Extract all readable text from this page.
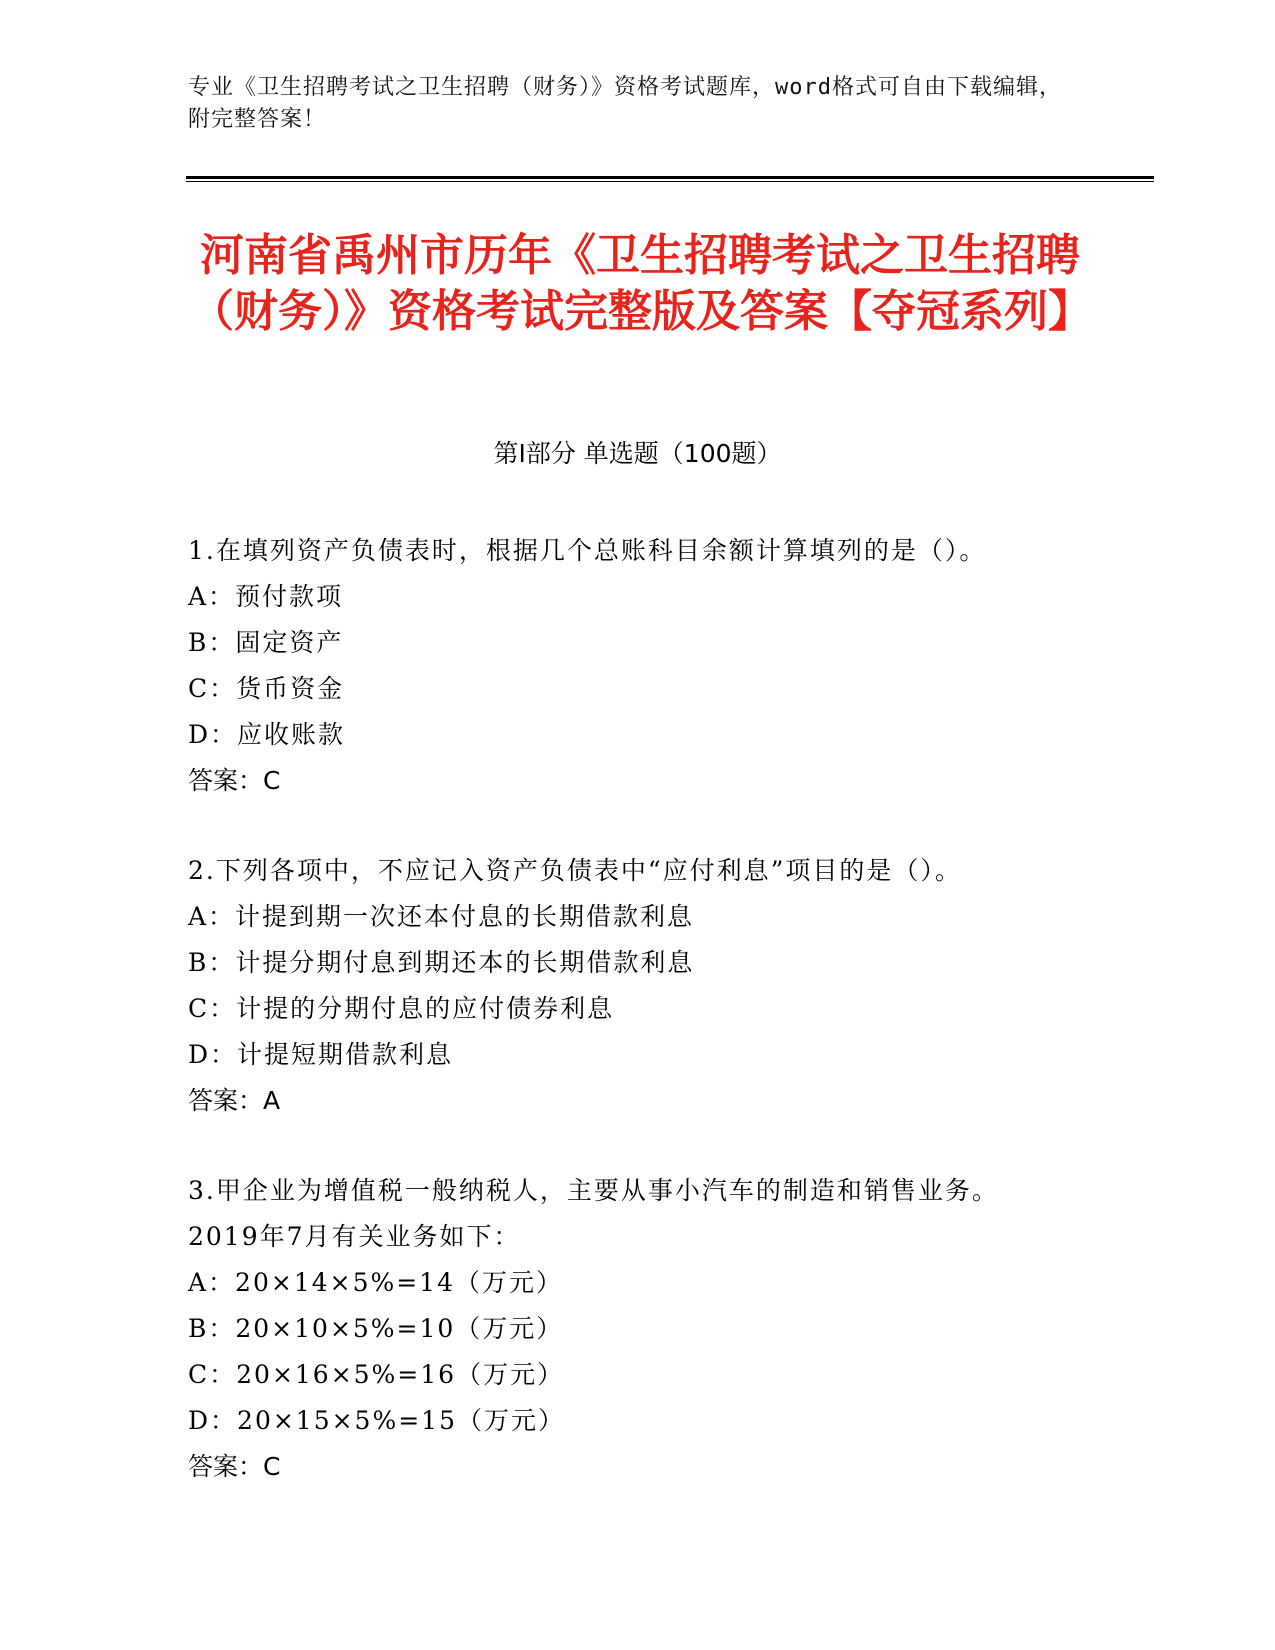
专业《卫生招聘考试之卫生招聘（财务）》资格考试题库，word格式可自由下载编辑，附完整答案！
河南省禹州市历年《卫生招聘考试之卫生招聘（财务）》资格考试完整版及答案【夺冠系列】
第I部分 单选题（100题）
1.在填列资产负债表时，根据几个总账科目余额计算填列的是（）。
A：预付款项
B：固定资产
C：货币资金
D：应收账款
答案：C
2.下列各项中，不应记入资产负债表中“应付利息”项目的是（）。
A：计提到期一次还本付息的长期借款利息
B：计提分期付息到期还本的长期借款利息
C：计提的分期付息的应付债券利息
D：计提短期借款利息
答案：A
3.甲企业为增值税一般纳税人，主要从事小汽车的制造和销售业务。
2019年7月有关业务如下：
A：20×14×5%=14（万元）
B：20×10×5%=10（万元）
C：20×16×5%=16（万元）
D：20×15×5%=15（万元）
答案：C
